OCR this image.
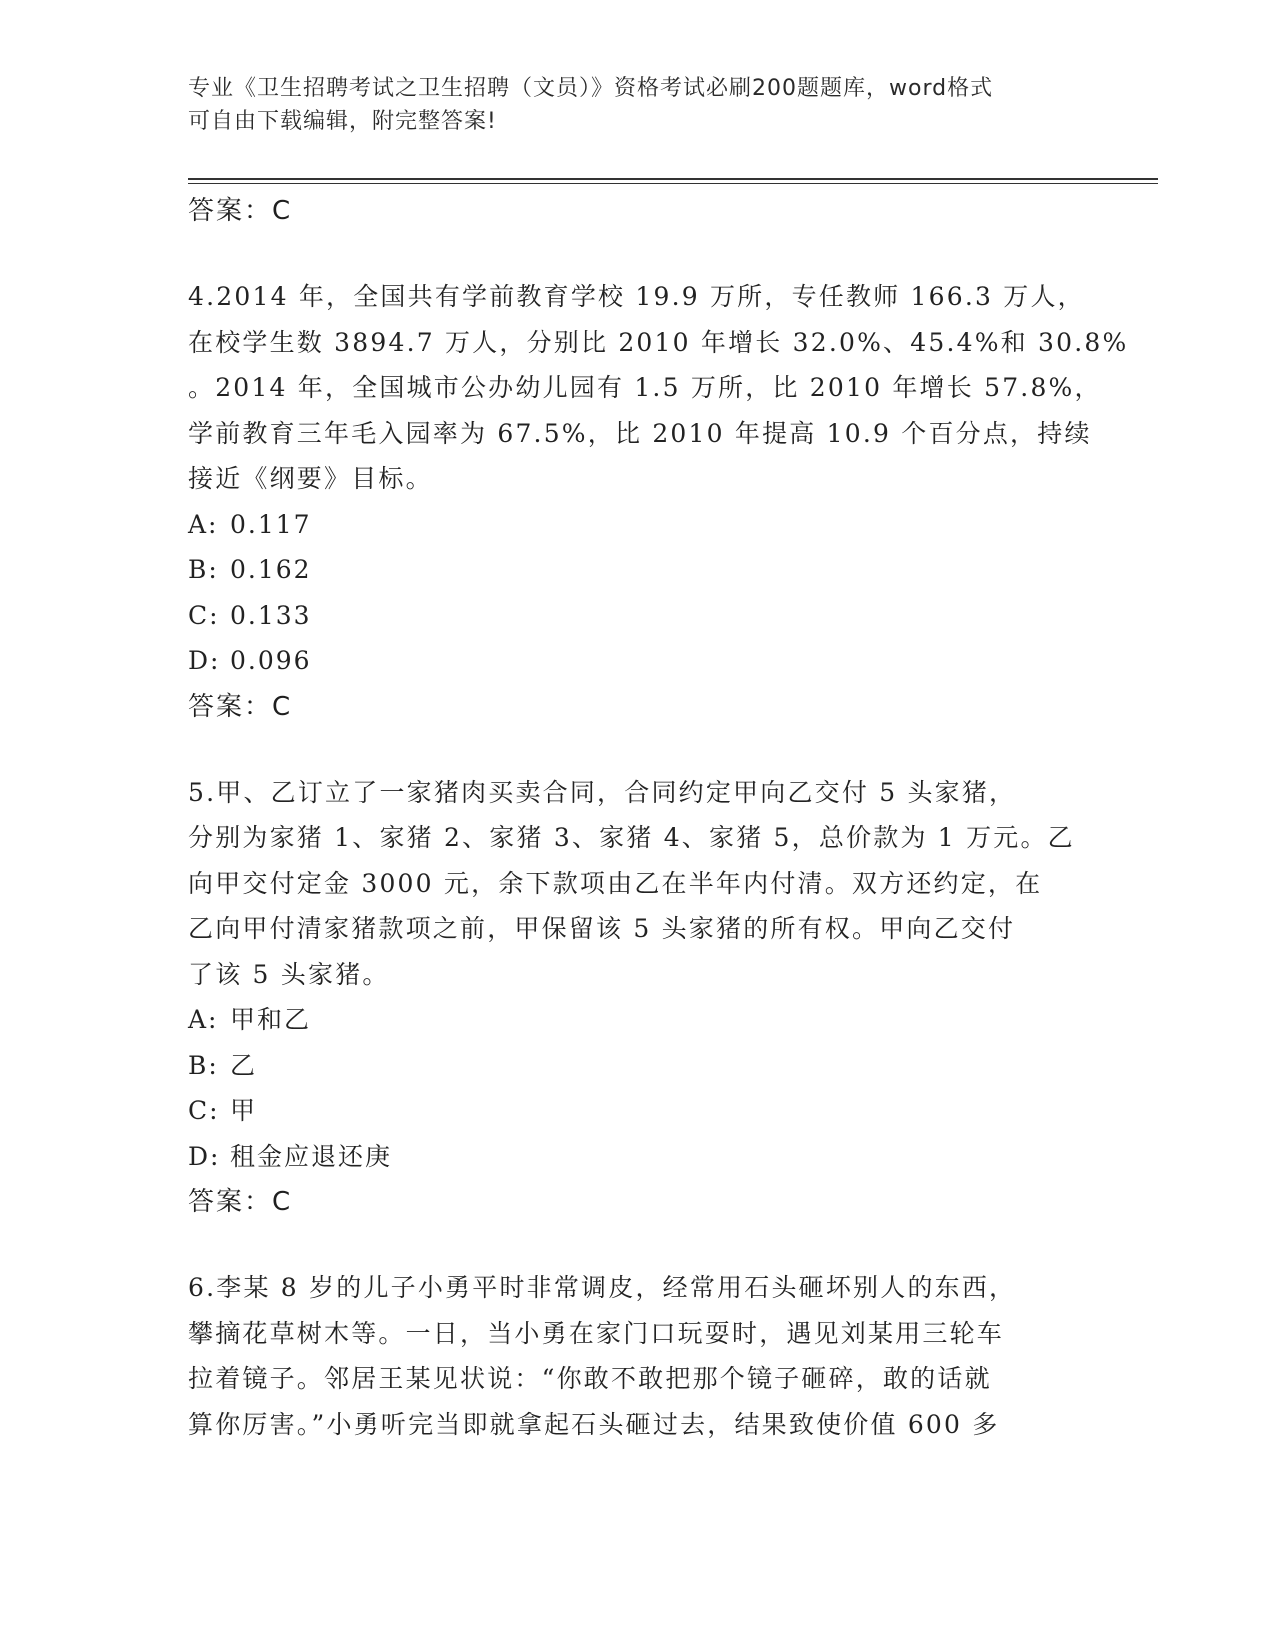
专业《卫生招聘考试之卫生招聘（文员）》资格考试必刷200题题库，word格式
可自由下载编辑，附完整答案!
答案：C
4.2014 年，全国共有学前教育学校 19.9 万所，专任教师 166.3 万人，
在校学生数 3894.7 万人，分别比 2010 年增长 32.0%、45.4%和 30.8%
。2014 年，全国城市公办幼儿园有 1.5 万所，比 2010 年增长 57.8%，
学前教育三年毛入园率为 67.5%，比 2010 年提高 10.9 个百分点，持续
接近《纲要》目标。
A: 0.117
B: 0.162
C: 0.133
D: 0.096
答案：C
5.甲、乙订立了一家猪肉买卖合同，合同约定甲向乙交付 5 头家猪，
分别为家猪 1、家猪 2、家猪 3、家猪 4、家猪 5，总价款为 1 万元。乙
向甲交付定金 3000 元，余下款项由乙在半年内付清。双方还约定，在
乙向甲付清家猪款项之前，甲保留该 5 头家猪的所有权。甲向乙交付
了该 5 头家猪。
A: 甲和乙
B: 乙
C: 甲
D: 租金应退还庚
答案：C
6.李某 8 岁的儿子小勇平时非常调皮，经常用石头砸坏别人的东西，
攀摘花草树木等。一日，当小勇在家门口玩耍时，遇见刘某用三轮车
拉着镜子。邻居王某见状说：“你敢不敢把那个镜子砸碎，敢的话就
算你厉害。”小勇听完当即就拿起石头砸过去，结果致使价值 600 多
